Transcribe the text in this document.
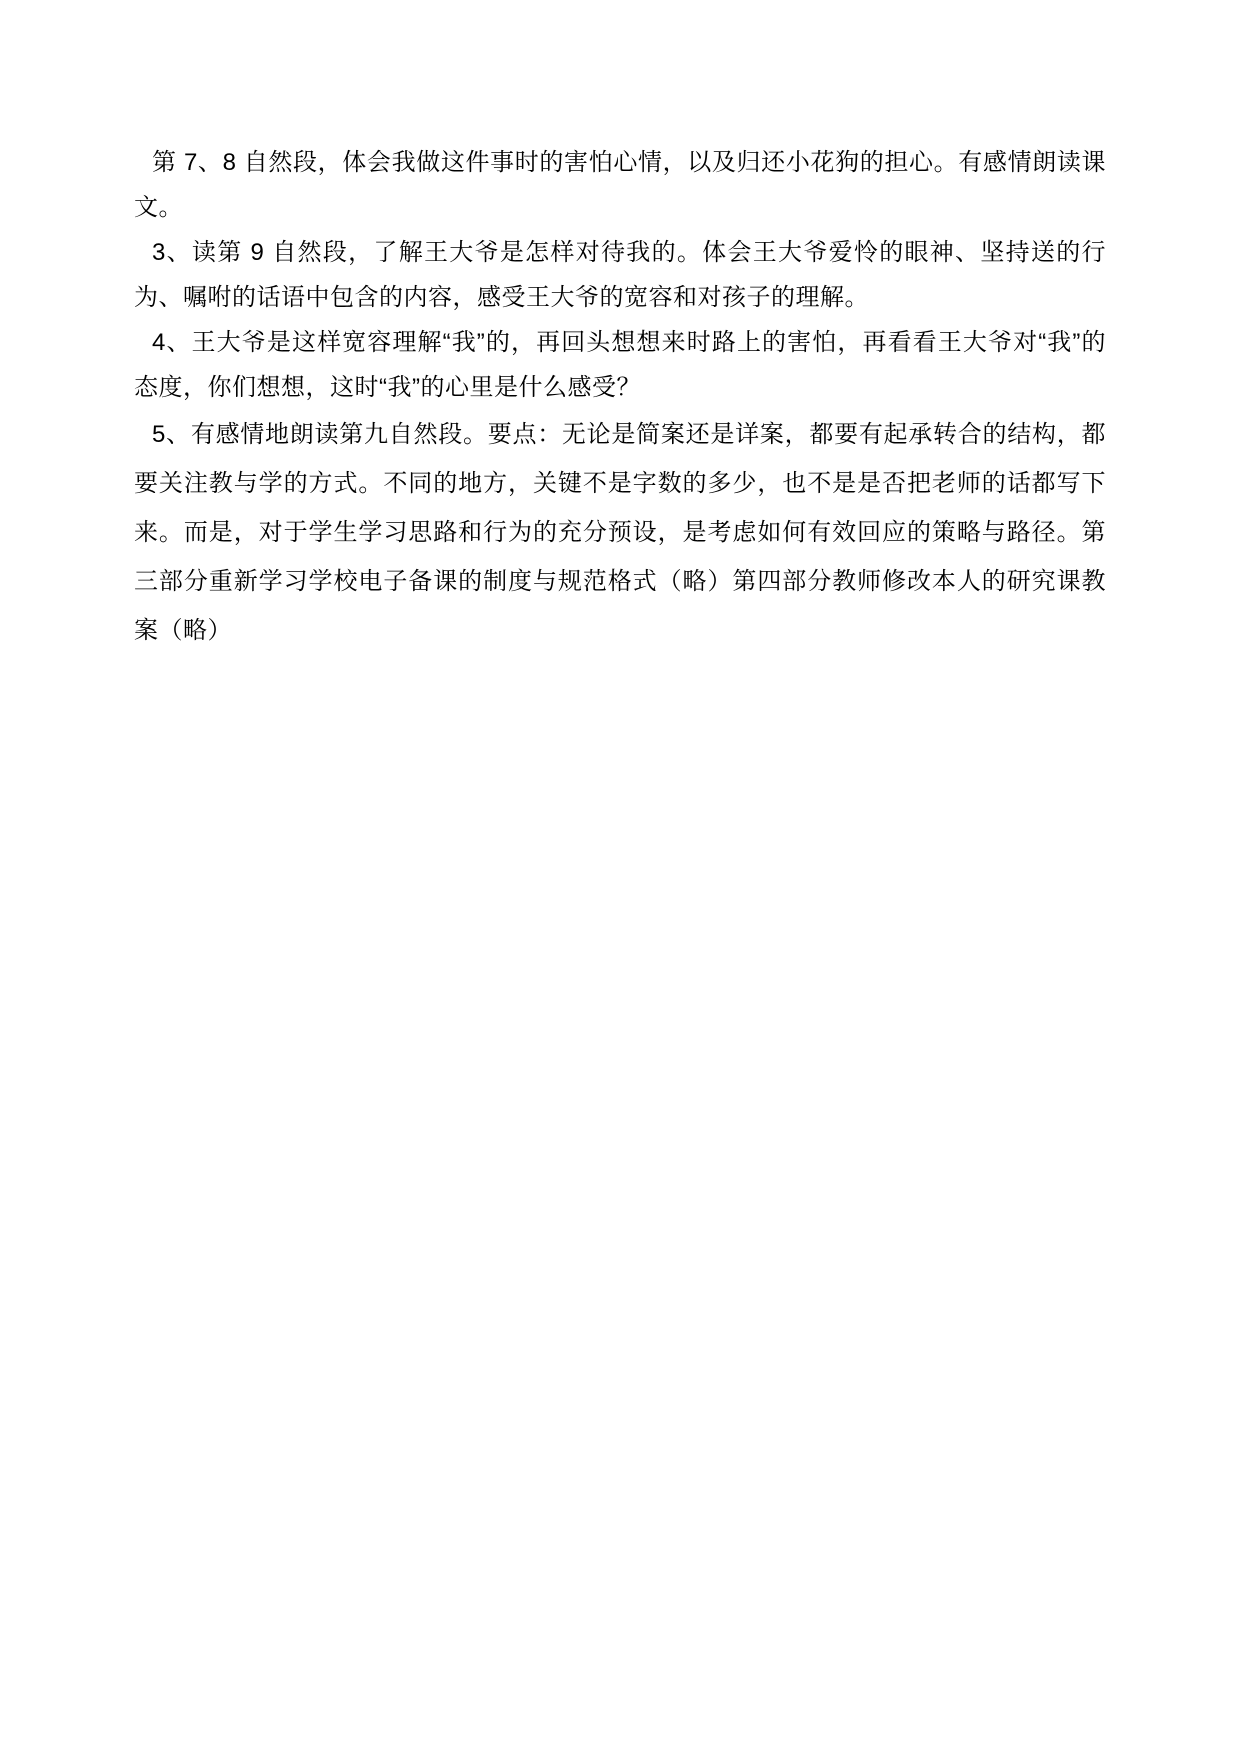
第 7、8 自然段，体会我做这件事时的害怕心情，以及归还小花狗的担心。有感情朗读课文。

3、读第 9 自然段，了解王大爷是怎样对待我的。体会王大爷爱怜的眼神、坚持送的行为、嘱咐的话语中包含的内容，感受王大爷的宽容和对孩子的理解。

4、王大爷是这样宽容理解“我”的，再回头想想来时路上的害怕，再看看王大爷对“我”的态度，你们想想，这时“我”的心里是什么感受？

5、有感情地朗读第九自然段。要点：无论是简案还是详案，都要有起承转合的结构，都要关注教与学的方式。不同的地方，关键不是字数的多少，也不是是否把老师的话都写下来。而是，对于学生学习思路和行为的充分预设，是考虑如何有效回应的策略与路径。第三部分重新学习学校电子备课的制度与规范格式（略）第四部分教师修改本人的研究课教案（略）
